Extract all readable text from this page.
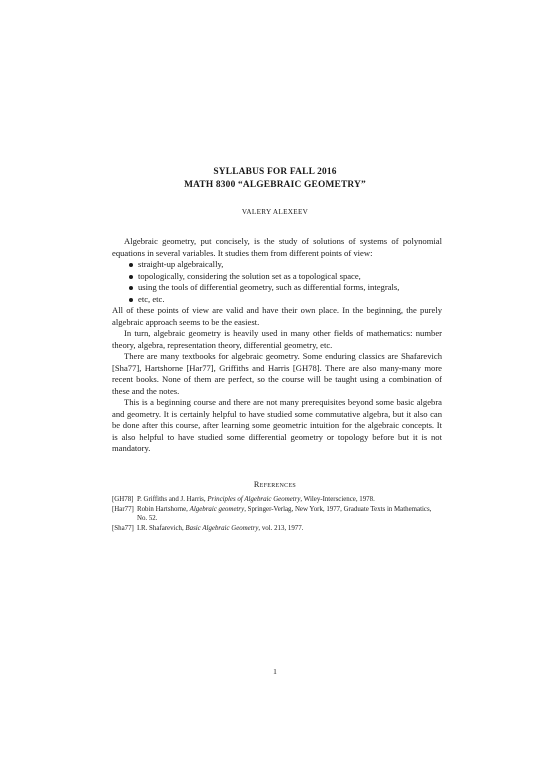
SYLLABUS FOR FALL 2016
MATH 8300 “ALGEBRAIC GEOMETRY”
VALERY ALEXEEV

Algebraic geometry, put concisely, is the study of solutions of systems of polynomial equations in several variables. It studies them from different points of view:

straight-up algebraically,
topologically, considering the solution set as a topological space,
using the tools of differential geometry, such as differential forms, integrals,
etc, etc.

All of these points of view are valid and have their own place. In the beginning, the purely algebraic approach seems to be the easiest.

In turn, algebraic geometry is heavily used in many other fields of mathematics: number theory, algebra, representation theory, differential geometry, etc.

There are many textbooks for algebraic geometry. Some enduring classics are Shafarevich [Sha77], Hartshorne [Har77], Griffiths and Harris [GH78]. There are also many-many more recent books. None of them are perfect, so the course will be taught using a combination of these and the notes.

This is a beginning course and there are not many prerequisites beyond some basic algebra and geometry. It is certainly helpful to have studied some commutative algebra, but it also can be done after this course, after learning some geometric intuition for the algebraic concepts. It is also helpful to have studied some differential geometry or topology before but it is not mandatory.

References
[GH78] P. Griffiths and J. Harris, Principles of Algebraic Geometry, Wiley-Interscience, 1978.
[Har77] Robin Hartshorne, Algebraic geometry, Springer-Verlag, New York, 1977, Graduate Texts in Mathematics, No. 52.
[Sha77] I.R. Shafarevich, Basic Algebraic Geometry, vol. 213, 1977.
1
